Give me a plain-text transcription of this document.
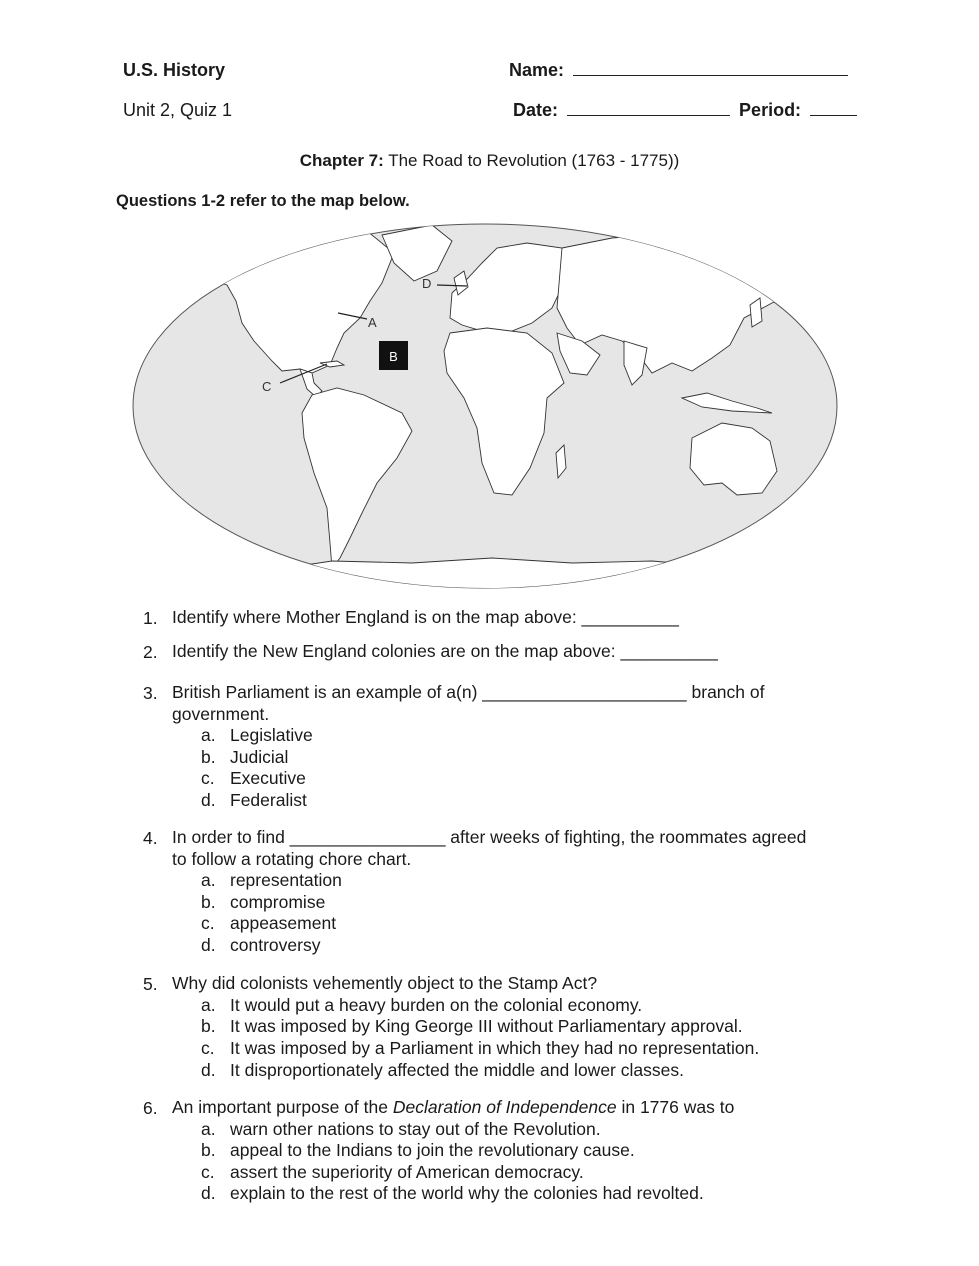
U.S. History
Unit 2, Quiz 1
Name:
Date:	Period:
Chapter 7: The Road to Revolution (1763 - 1775))
Questions 1-2 refer to the map below.
A
B
C
D
1. Identify where Mother England is on the map above: __________
2. Identify the New England colonies are on the map above: __________
3. British Parliament is an example of a(n) _____________________ branch of
government.
a. Legislative
b. Judicial
c. Executive
d. Federalist
4. In order to find ________________ after weeks of fighting, the roommates agreed
to follow a rotating chore chart.
a. representation
b. compromise
c. appeasement
d. controversy
5. Why did colonists vehemently object to the Stamp Act?
a. It would put a heavy burden on the colonial economy.
b. It was imposed by King George III without Parliamentary approval.
c. It was imposed by a Parliament in which they had no representation.
d. It disproportionately affected the middle and lower classes.
6. An important purpose of the Declaration of Independence in 1776 was to
a. warn other nations to stay out of the Revolution.
b. appeal to the Indians to join the revolutionary cause.
c. assert the superiority of American democracy.
d. explain to the rest of the world why the colonies had revolted.
